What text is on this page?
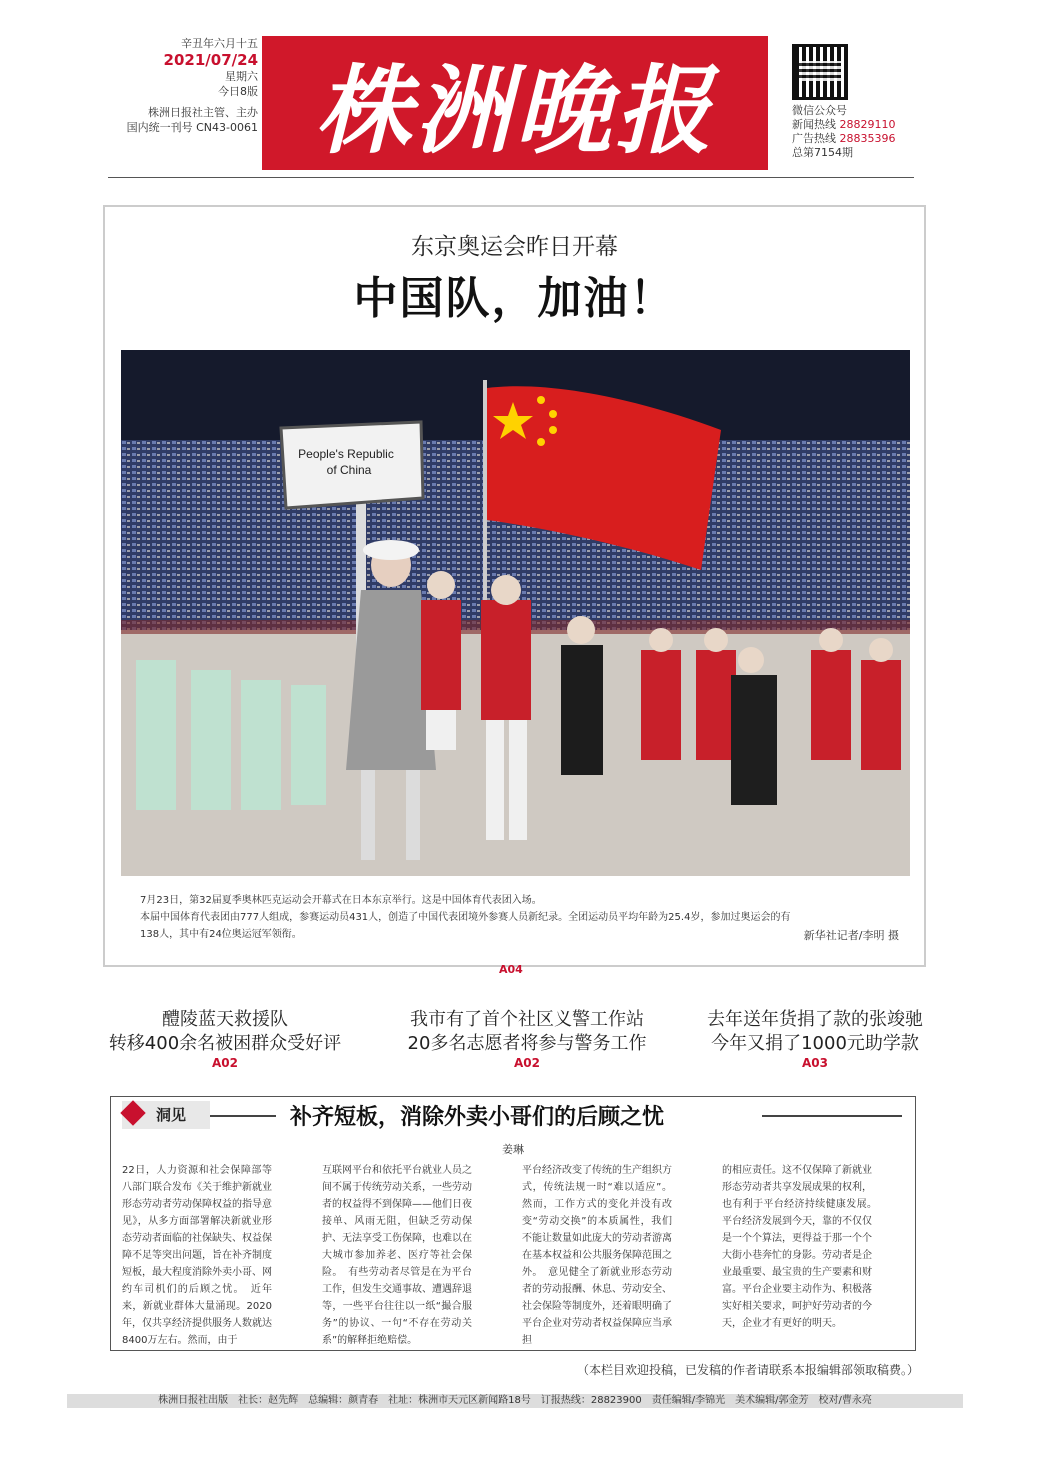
辛丑年六月十五
2021/07/24
星期六
今日8版
株洲日报社主管、主办
国内统一刊号 CN43-0061 株洲晚报	微信公众号
新闻热线 28829110
广告热线 28835396
总第7154期
东京奥运会昨日开幕
中国队，加油！
People's Republic
of China
7月23日，第32届夏季奥林匹克运动会开幕式在日本东京举行。这是中国体育代表团入场。
本届中国体育代表团由777人组成，参赛运动员431人，创造了中国代表团境外参赛人员新纪录。全团运动员平均年龄为25.4岁，参加过奥运会的有
138人，其中有24位奥运冠军领衔。	新华社记者/李明 摄
A04
醴陵蓝天救援队
转移400余名被困群众受好评
A02
我市有了首个社区义警工作站
20多名志愿者将参与警务工作
A02
去年送年货捐了款的张竣驰
今年又捐了1000元助学款
A03
洞见	补齐短板，消除外卖小哥们的后顾之忧
姜琳
22日，人力资源和社会保障部等八部门联合发布《关于维护新就业形态劳动者劳动保障权益的指导意见》，从多方面部署解决新就业形态劳动者面临的社保缺失、权益保障不足等突出问题，旨在补齐制度短板，最大程度消除外卖小哥、网约车司机们的后顾之忧。　近年来，新就业群体大量涌现。2020年，仅共享经济提供服务人数就达8400万左右。然而，由于
互联网平台和依托平台就业人员之间不属于传统劳动关系，一些劳动者的权益得不到保障——他们日夜接单、风雨无阻，但缺乏劳动保护、无法享受工伤保障，也难以在大城市参加养老、医疗等社会保险。　有些劳动者尽管是在为平台工作，但发生交通事故、遭遇辞退等，一些平台往往以一纸“撮合服务”的协议、一句“不存在劳动关系”的解释拒绝赔偿。
平台经济改变了传统的生产组织方式，传统法规一时“难以适应”。然而，工作方式的变化并没有改变“劳动交换”的本质属性，我们不能让数量如此庞大的劳动者游离在基本权益和公共服务保障范围之外。　意见健全了新就业形态劳动者的劳动报酬、休息、劳动安全、社会保险等制度外，还着眼明确了平台企业对劳动者权益保障应当承担
的相应责任。这不仅保障了新就业形态劳动者共享发展成果的权利，也有利于平台经济持续健康发展。　平台经济发展到今天，靠的不仅仅是一个个算法，更得益于那一个个大街小巷奔忙的身影。劳动者是企业最重要、最宝贵的生产要素和财富。平台企业要主动作为、积极落实好相关要求，呵护好劳动者的今天，企业才有更好的明天。
（本栏目欢迎投稿，已发稿的作者请联系本报编辑部领取稿费。）
株洲日报社出版　社长：赵先辉　总编辑：颜青春　社址：株洲市天元区新闻路18号　订报热线：28823900　责任编辑/李锦光　美术编辑/郭金芳　校对/曹永亮
